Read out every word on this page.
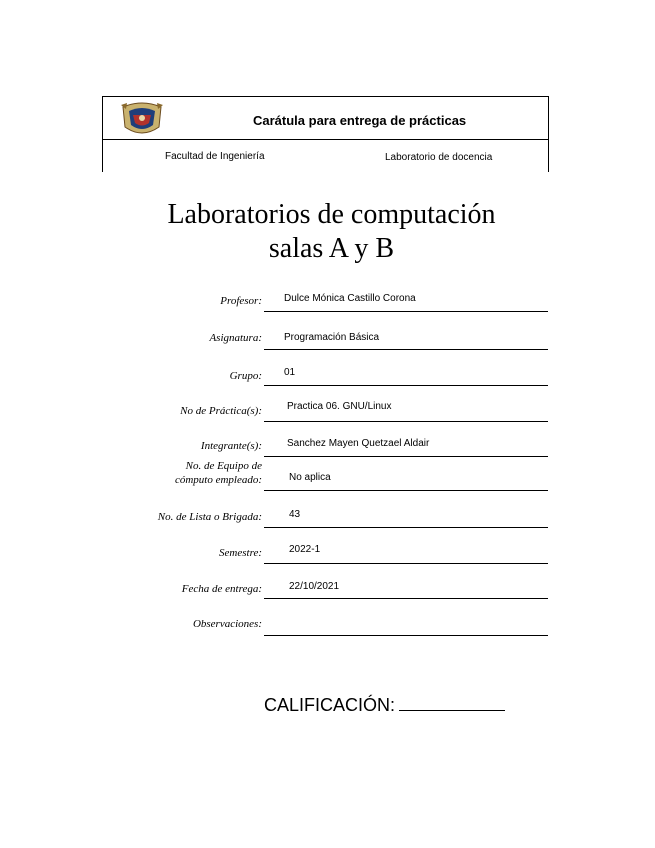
Carátula para entrega de prácticas
Facultad de Ingeniería	Laboratorio de docencia
Laboratorios de computación
salas A y B
Profesor: Dulce Mónica Castillo Corona
Asignatura: Programación Básica
Grupo: 01
No de Práctica(s):	Practica 06. GNU/Linux
Integrante(s):	Sanchez Mayen Quetzael Aldair
No. de Equipo de
cómputo empleado:	No aplica
No. de Lista o Brigada:	43
Semestre:	2022-1
Fecha de entrega:	22/10/2021
Observaciones:
CALIFICACIÓN:
